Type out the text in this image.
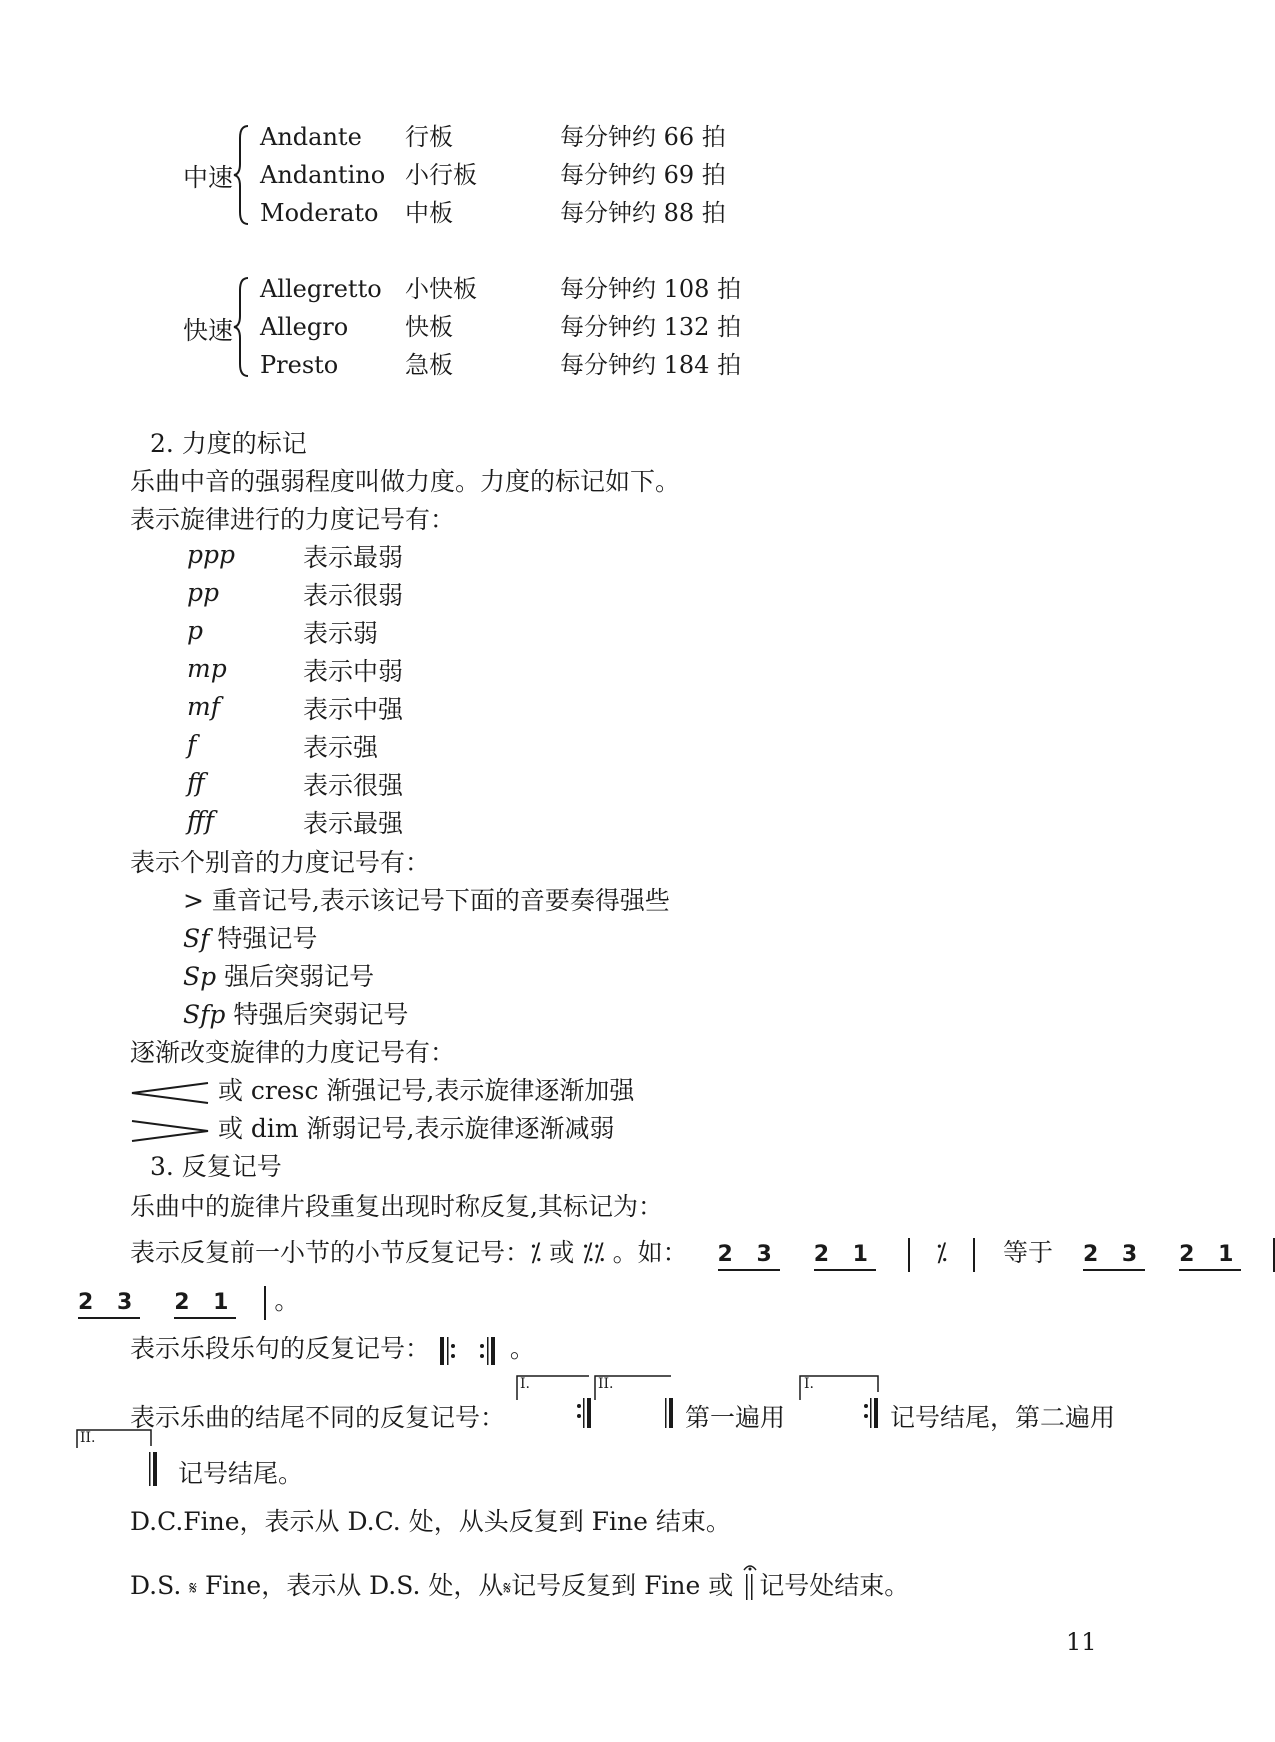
中速
Andante 行板	每分钟约 66 拍
Andantino 小行板	每分钟约 69 拍
Moderato 中板	每分钟约 88 拍
快速
Allegretto 小快板	每分钟约 108 拍
Allegro 快板	每分钟约 132 拍
Presto	急板	每分钟约 184 拍
2. 力度的标记
乐曲中音的强弱程度叫做力度。力度的标记如下。
表示旋律进行的力度记号有：
ppp	表示最弱
pp	表示很弱
p	表示弱
mp	表示中弱
mf	表示中强
f	表示强
ff	表示很强
fff	表示最强
表示个别音的力度记号有：
> 重音记号,表示该记号下面的音要奏得强些
Sf 特强记号
Sp 强后突弱记号
Sfp 特强后突弱记号
逐渐改变旋律的力度记号有：
或 cresc 渐强记号,表示旋律逐渐加强
或 dim 渐弱记号,表示旋律逐渐减弱
3. 反复记号
乐曲中的旋律片段重复出现时称反复,其标记为：
表示反复前一小节的小节反复记号：⁒ 或 ⁒⁒ 。如： 2 3 2 1 ⁒ 等于 2 3 2 1
2 3 2 1 。
表示乐段乐句的反复记号：	。
表示乐曲的结尾不同的反复记号：
I.	II.
第一遍用
I.
记号结尾，第二遍用
II.
记号结尾。
D.C.Fine，表示从 D.C. 处，从头反复到 Fine 结束。
D.S. 𝄋 Fine，表示从 D.S. 处，从𝄋记号反复到 Fine 或 记号处结束。
11
